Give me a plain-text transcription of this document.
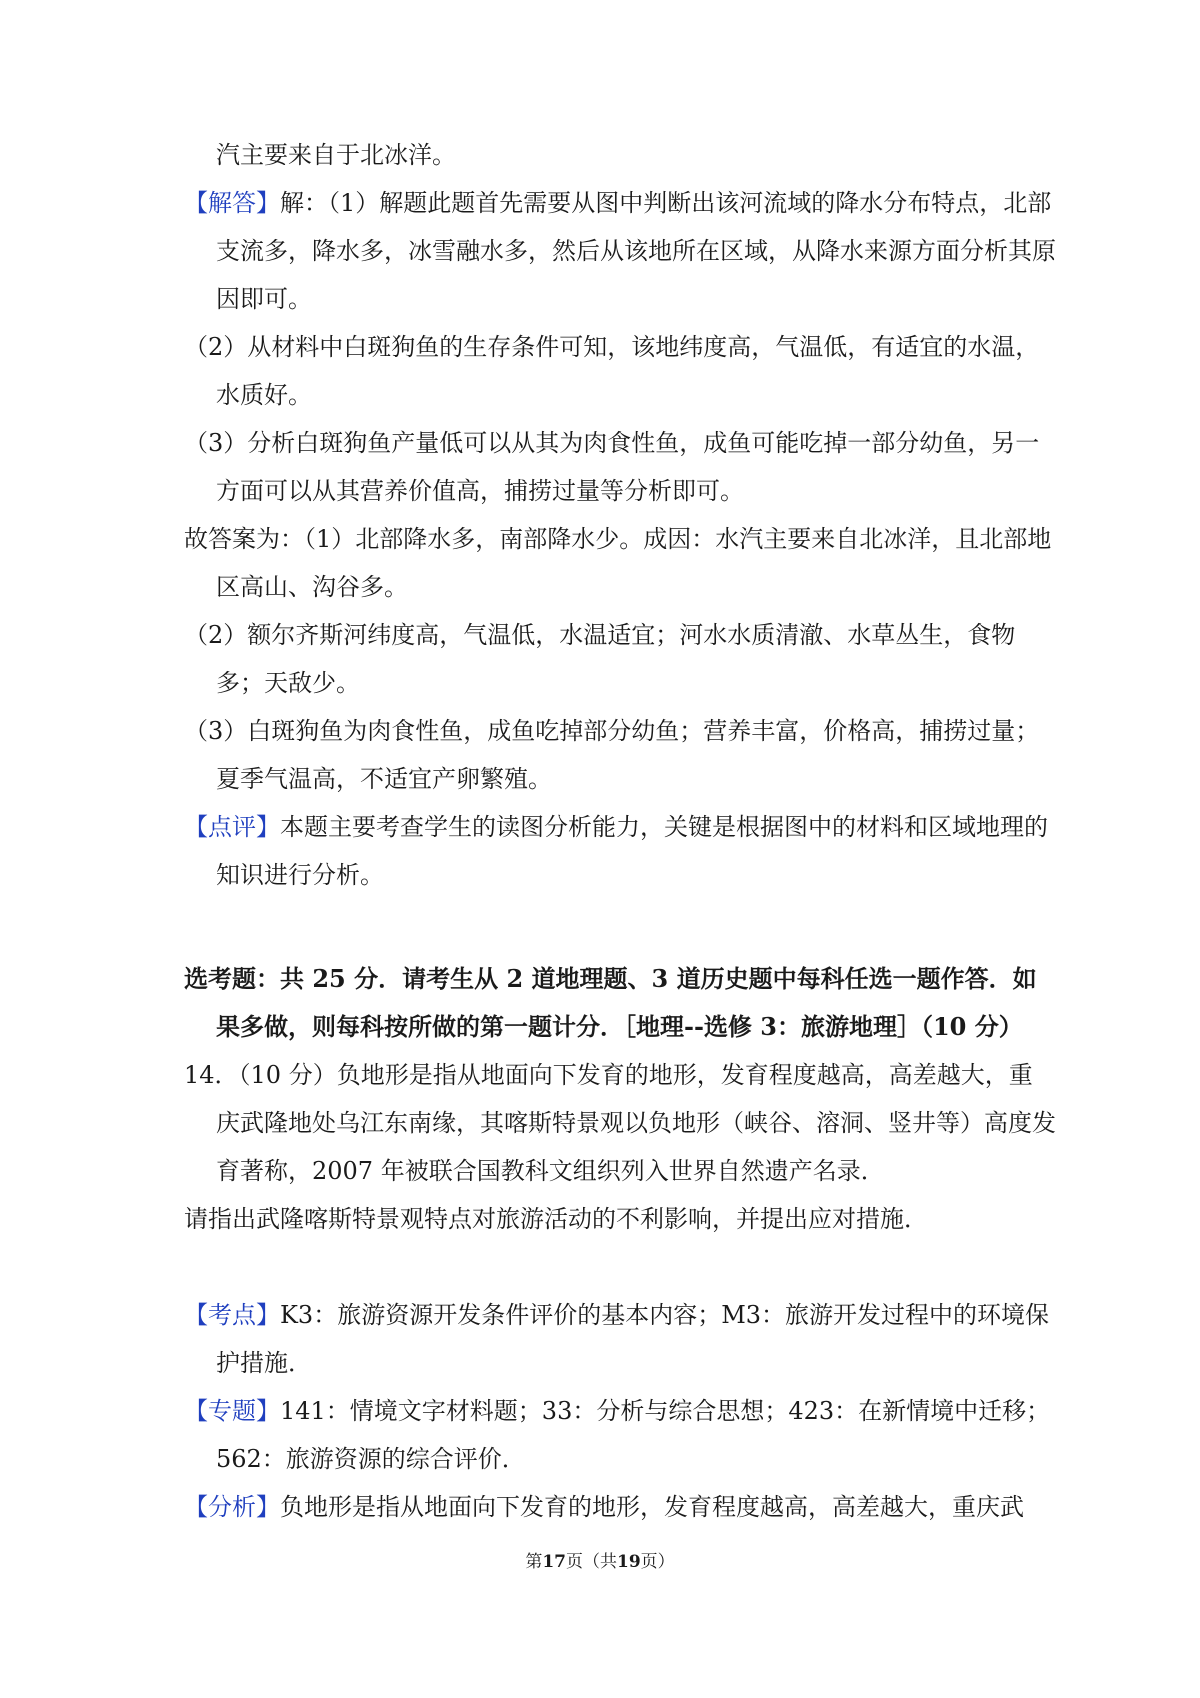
汽主要来自于北冰洋。
【解答】解：（1）解题此题首先需要从图中判断出该河流域的降水分布特点，北部支流多，降水多，冰雪融水多，然后从该地所在区域，从降水来源方面分析其原因即可。
（2）从材料中白斑狗鱼的生存条件可知，该地纬度高，气温低，有适宜的水温，水质好。
（3）分析白斑狗鱼产量低可以从其为肉食性鱼，成鱼可能吃掉一部分幼鱼，另一方面可以从其营养价值高，捕捞过量等分析即可。
故答案为：（1）北部降水多，南部降水少。成因：水汽主要来自北冰洋，且北部地区高山、沟谷多。
（2）额尔齐斯河纬度高，气温低，水温适宜；河水水质清澈、水草丛生，食物多；天敌少。
（3）白斑狗鱼为肉食性鱼，成鱼吃掉部分幼鱼；营养丰富，价格高，捕捞过量；夏季气温高，不适宜产卵繁殖。
【点评】本题主要考查学生的读图分析能力，关键是根据图中的材料和区域地理的知识进行分析。
选考题：共 25 分．请考生从 2 道地理题、3 道历史题中每科任选一题作答．如果多做，则每科按所做的第一题计分．［地理--选修 3：旅游地理］（10 分）
14．（10 分）负地形是指从地面向下发育的地形，发育程度越高，高差越大，重庆武隆地处乌江东南缘，其喀斯特景观以负地形（峡谷、溶洞、竖井等）高度发育著称，2007 年被联合国教科文组织列入世界自然遗产名录．
请指出武隆喀斯特景观特点对旅游活动的不利影响，并提出应对措施．
【考点】K3：旅游资源开发条件评价的基本内容；M3：旅游开发过程中的环境保护措施．
【专题】141：情境文字材料题；33：分析与综合思想；423：在新情境中迁移；562：旅游资源的综合评价．
【分析】负地形是指从地面向下发育的地形，发育程度越高，高差越大，重庆武
第17页（共19页）
